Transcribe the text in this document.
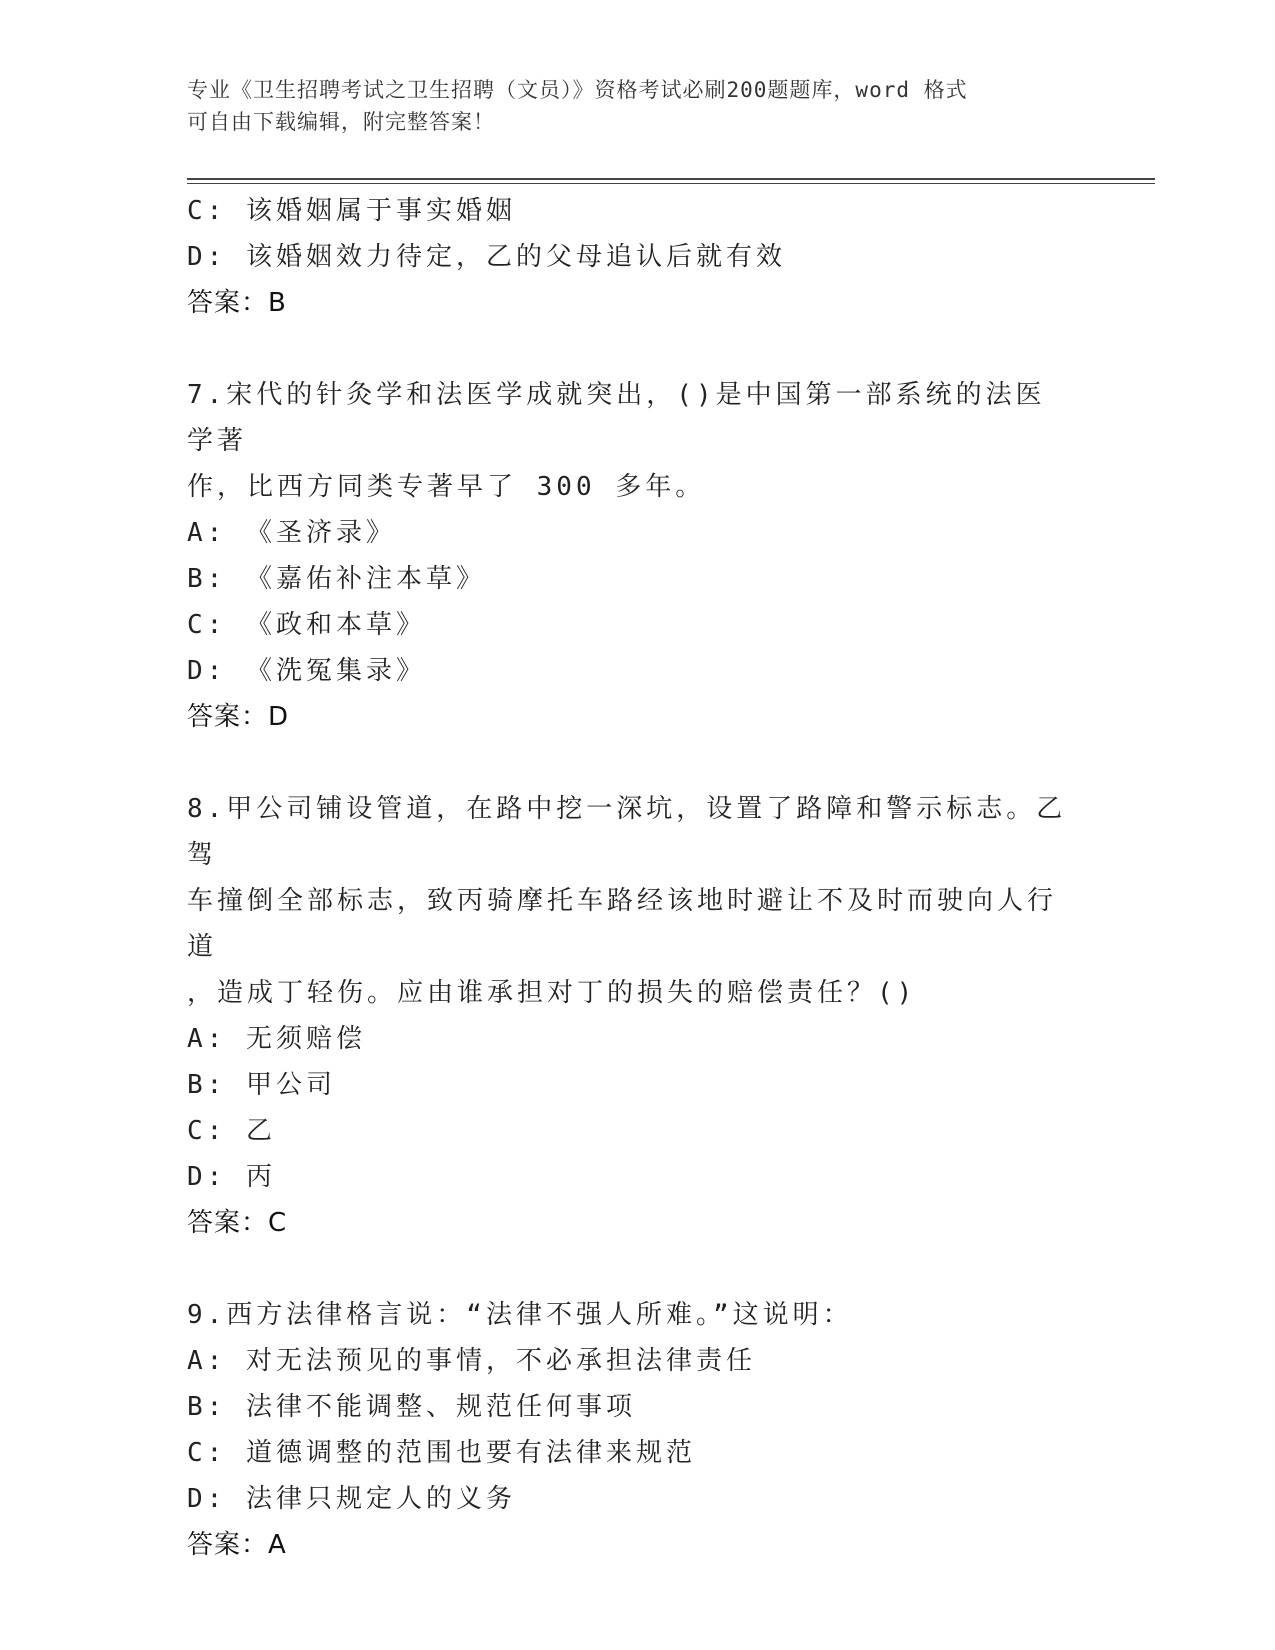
专业《卫生招聘考试之卫生招聘（文员）》资格考试必刷200题题库，word 格式
可自由下载编辑，附完整答案！
C: 该婚姻属于事实婚姻
D: 该婚姻效力待定，乙的父母追认后就有效
答案：B
7.宋代的针灸学和法医学成就突出，()是中国第一部系统的法医学著
作，比西方同类专著早了 300 多年。
A: 《圣济录》
B: 《嘉佑补注本草》
C: 《政和本草》
D: 《洗冤集录》
答案：D
8.甲公司铺设管道，在路中挖一深坑，设置了路障和警示标志。乙驾
车撞倒全部标志，致丙骑摩托车路经该地时避让不及时而驶向人行道
，造成丁轻伤。应由谁承担对丁的损失的赔偿责任？()
A: 无须赔偿
B: 甲公司
C: 乙
D: 丙
答案：C
9.西方法律格言说：“法律不强人所难。”这说明：
A: 对无法预见的事情，不必承担法律责任
B: 法律不能调整、规范任何事项
C: 道德调整的范围也要有法律来规范
D: 法律只规定人的义务
答案：A
